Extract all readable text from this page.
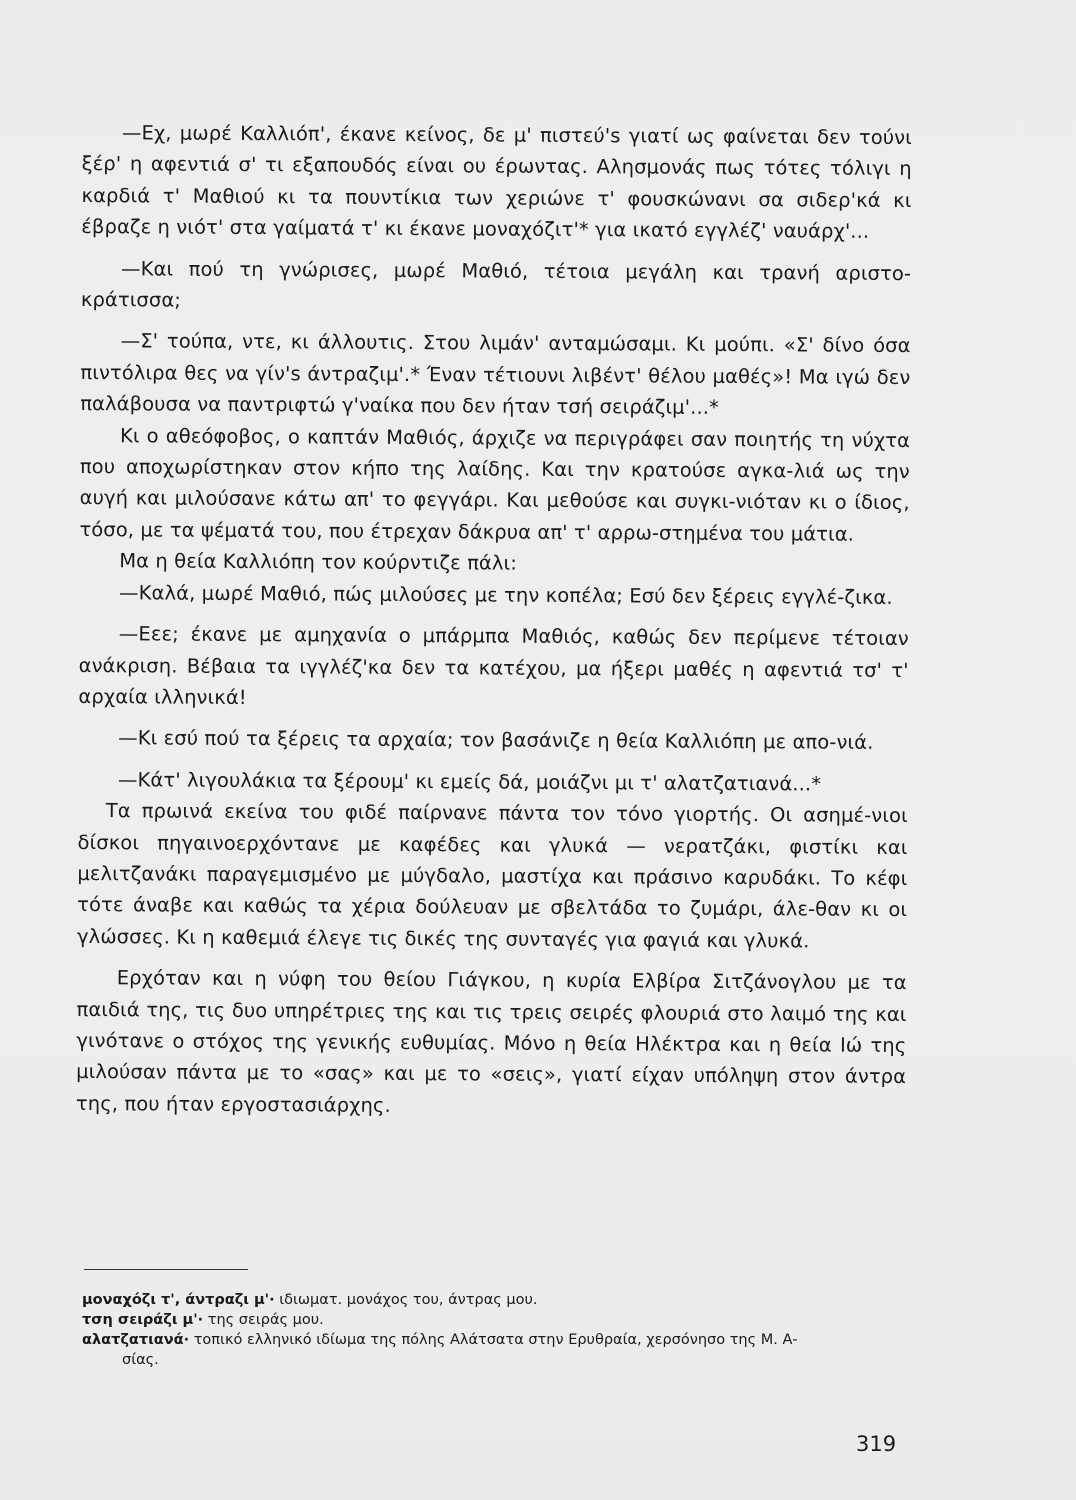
—Εχ, μωρέ Καλλιόπ', έκανε κείνος, δε μ' πιστεύ's γιατί ως φαίνεται δεν τούνι ξέρ' η αφεντιά σ' τι εξαπουδός είναι ου έρωντας. Αλησμονάς πως τότες τόλιγι η καρδιά τ' Μαθιού κι τα πουντίκια των χεριώνε τ' φουσκώνανι σα σιδερ'κά κι έβραζε η νιότ' στα γαίματά τ' κι έκανε μοναχόζιτ'* για ικατό εγγλέζ' ναυάρχ'...

—Και πού τη γνώρισες, μωρέ Μαθιό, τέτοια μεγάλη και τρανή αριστο-κράτισσα;

—Σ' τούπα, ντε, κι άλλουτις. Στου λιμάν' ανταμώσαμι. Κι μούπι. «Σ' δίνο όσα πιντόλιρα θες να γίν's άντραζιμ'.* Έναν τέτιουνι λιβέντ' θέλου μαθές»! Μα ιγώ δεν παλάβουσα να παντριφτώ γ'ναίκα που δεν ήταν τσή σειράζιμ'...*

Κι ο αθεόφοβος, ο καπτάν Μαθιός, άρχιζε να περιγράφει σαν ποιητής τη νύχτα που αποχωρίστηκαν στον κήπο της λαίδης. Και την κρατούσε αγκα-λιά ως την αυγή και μιλούσανε κάτω απ' το φεγγάρι. Και μεθούσε και συγκι-νιόταν κι ο ίδιος, τόσο, με τα ψέματά του, που έτρεχαν δάκρυα απ' τ' αρρω-στημένα του μάτια.

Μα η θεία Καλλιόπη τον κούρντιζε πάλι:

—Καλά, μωρέ Μαθιό, πώς μιλούσες με την κοπέλα; Εσύ δεν ξέρεις εγγλέ-ζικα.

—Εεε; έκανε με αμηχανία ο μπάρμπα Μαθιός, καθώς δεν περίμενε τέτοιαν ανάκριση. Βέβαια τα ιγγλέζ'κα δεν τα κατέχου, μα ήξερι μαθές η αφεντιά τσ' τ' αρχαία ιλληνικά!

—Κι εσύ πού τα ξέρεις τα αρχαία; τον βασάνιζε η θεία Καλλιόπη με απο-νιά.

—Κάτ' λιγουλάκια τα ξέρουμ' κι εμείς δά, μοιάζνι μι τ' αλατζατιανά...*

Τα πρωινά εκείνα του φιδέ παίρνανε πάντα τον τόνο γιορτής. Οι ασημέ-νιοι δίσκοι πηγαινοερχόντανε με καφέδες και γλυκά — νερατζάκι, φιστίκι και μελιτζανάκι παραγεμισμένο με μύγδαλο, μαστίχα και πράσινο καρυδάκι. Το κέφι τότε άναβε και καθώς τα χέρια δούλευαν με σβελτάδα το ζυμάρι, άλε-θαν κι οι γλώσσες. Κι η καθεμιά έλεγε τις δικές της συνταγές για φαγιά και γλυκά.

Ερχόταν και η νύφη του θείου Γιάγκου, η κυρία Ελβίρα Σιτζάνογλου με τα παιδιά της, τις δυο υπηρέτριες της και τις τρεις σειρές φλουριά στο λαιμό της και γινότανε ο στόχος της γενικής ευθυμίας. Μόνο η θεία Ηλέκτρα και η θεία Ιώ της μιλούσαν πάντα με το «σας» και με το «σεις», γιατί είχαν υπόληψη στον άντρα της, που ήταν εργοστασιάρχης.

μοναχόζι τ', άντραζι μ'· ιδιωματ. μονάχος του, άντρας μου.

τση σειράζι μ'· της σειράς μου.

αλατζατιανά· τοπικό ελληνικό ιδίωμα της πόλης Αλάτσατα στην Ερυθραία, χερσόνησο της Μ. Α-

σίας.

319
